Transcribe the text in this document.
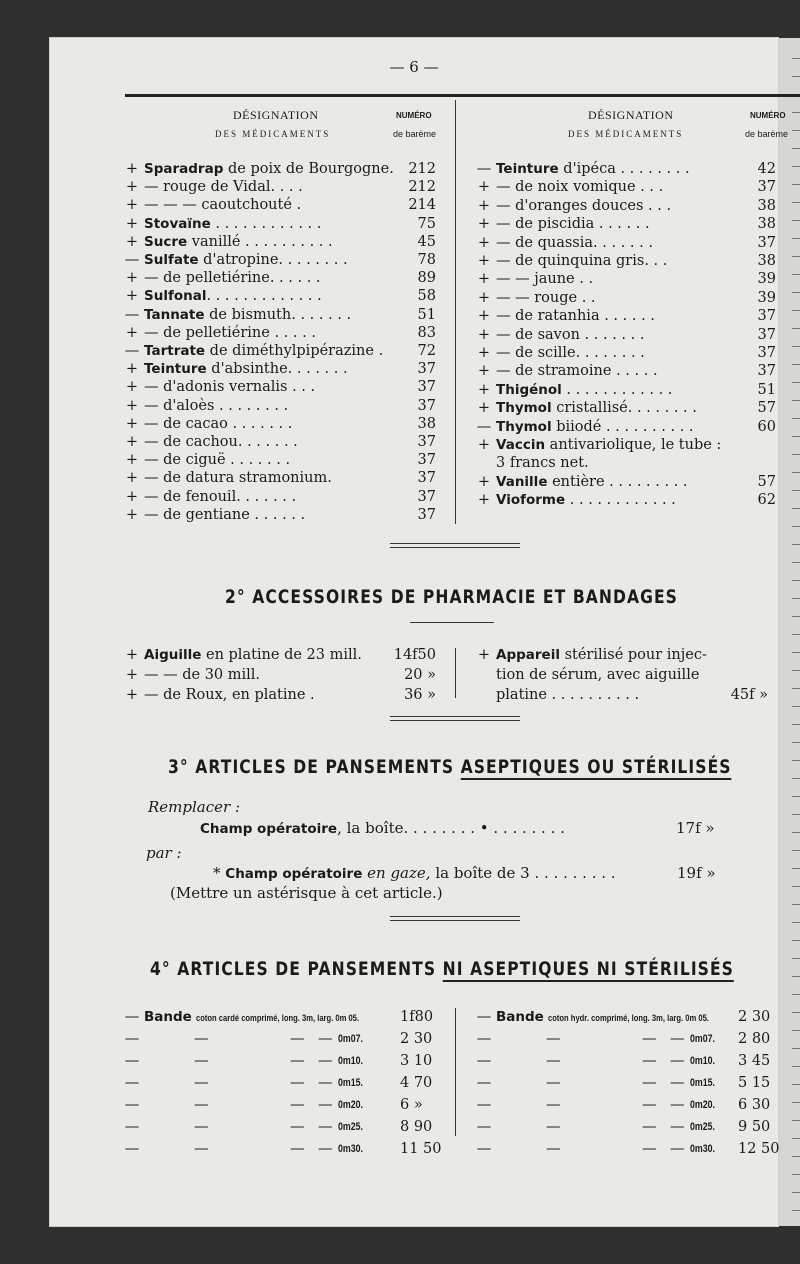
— 6 —
DÉSIGNATION
DES MÉDICAMENTS
NUMÉRO
de barème
DÉSIGNATION
DES MÉDICAMENTS
NUMÉRO
de barème
+ Sparadrap de poix de Bourgogne. 212
+ — rouge de Vidal. . . .	212
+ — — — caoutchouté .	214
+ Stovaïne . . . . . . . . . . . .	75
+ Sucre vanillé . . . . . . . . . .	45
— Sulfate d'atropine. . . . . . . .	78
+ — de pelletiérine. . . . . .	89
+ Sulfonal. . . . . . . . . . . . .	58
— Tannate de bismuth. . . . . . .	51
+ — de pelletiérine . . . . .	83
— Tartrate de diméthylpipérazine .	72
+ Teinture d'absinthe. . . . . . .	37
+ — d'adonis vernalis . . .	37
+ — d'aloès . . . . . . . .	37
+ — de cacao . . . . . . .	38
+ — de cachou. . . . . . .	37
+ — de ciguë . . . . . . .	37
+ — de datura stramonium.	37
+ — de fenouil. . . . . . .	37
+ — de gentiane . . . . . .	37
— Teinture d'ipéca . . . . . . . .	42
+ — de noix vomique . . .	37
+ — d'oranges douces . . .	38
+ — de piscidia . . . . . .	38
+ — de quassia. . . . . . .	37
+ — de quinquina gris. . .	38
+ — — jaune . .	39
+ — — rouge . .	39
+ — de ratanhia . . . . . .	37
+ — de savon . . . . . . .	37
+ — de scille. . . . . . . .	37
+ — de stramoine . . . . .	37
+ Thigénol . . . . . . . . . . . .	51
+ Thymol cristallisé. . . . . . . .	57
— Thymol biiodé . . . . . . . . . .	60
+ Vaccin antivariolique, le tube :
3 francs net.
+ Vanille entière . . . . . . . . .	57
+ Vioforme . . . . . . . . . . . .	62
2° ACCESSOIRES DE PHARMACIE ET BANDAGES
+ Aiguille en platine de 23 mill.	14f50
+ — — de 30 mill.	20 »
+ — de Roux, en platine .	36 »
+ Appareil stérilisé pour injec-
tion de sérum, avec aiguille
platine . . . . . . . . . .	45f »
3° ARTICLES DE PANSEMENTS ASEPTIQUES OU STÉRILISÉS
Remplacer :
Champ opératoire, la boîte. . . . . . . . • . . . . . . . .	17f »
par :
* Champ opératoire en gaze, la boîte de 3 . . . . . . . . .	19f »
(Mettre un astérisque à cet article.)
4° ARTICLES DE PANSEMENTS NI ASEPTIQUES NI STÉRILISÉS
— Bande coton cardé comprimé, long. 3m, larg. 0m 05.	1f80
—	—	— — 0m07.	2 30
—	—	— — 0m10.	3 10
—	—	— — 0m15.	4 70
—	—	— — 0m20.	6 »
—	—	— — 0m25.	8 90
—	—	— — 0m30.	11 50
— Bande coton hydr. comprimé, long. 3m, larg. 0m 05.	2 30
—	—	— — 0m07. 2 80
—	—	— — 0m10. 3 45
—	—	— — 0m15. 5 15
—	—	— — 0m20. 6 30
—	—	— — 0m25. 9 50
—	—	— — 0m30. 12 50
